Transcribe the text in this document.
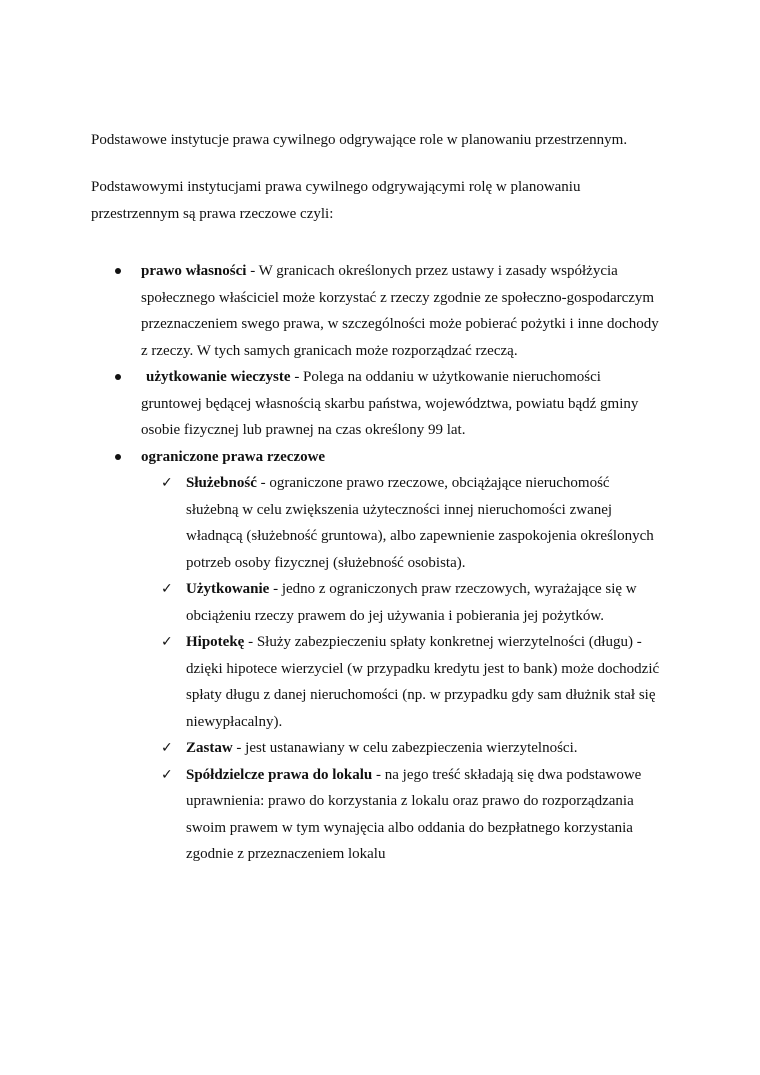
Podstawowe instytucje prawa cywilnego odgrywające role w planowaniu przestrzennym.
Podstawowymi instytucjami prawa cywilnego odgrywającymi rolę w planowaniu
przestrzennym są prawa rzeczowe czyli:
prawo własności - W granicach określonych przez ustawy i zasady współżycia
społecznego właściciel może korzystać z rzeczy zgodnie ze społeczno-gospodarczym
przeznaczeniem swego prawa, w szczególności może pobierać pożytki i inne dochody
z rzeczy. W tych samych granicach może rozporządzać rzeczą.
użytkowanie wieczyste - Polega na oddaniu w użytkowanie nieruchomości
gruntowej będącej własnością skarbu państwa, województwa, powiatu bądź gminy
osobie fizycznej lub prawnej na czas określony 99 lat.
ograniczone prawa rzeczowe
✓ Służebność - ograniczone prawo rzeczowe, obciążające nieruchomość
służebną w celu zwiększenia użyteczności innej nieruchomości zwanej
władnącą (służebność gruntowa), albo zapewnienie zaspokojenia określonych
potrzeb osoby fizycznej (służebność osobista).
✓ Użytkowanie - jedno z ograniczonych praw rzeczowych, wyrażające się w
obciążeniu rzeczy prawem do jej używania i pobierania jej pożytków.
✓ Hipotekę - Służy zabezpieczeniu spłaty konkretnej wierzytelności (długu) -
dzięki hipotece wierzyciel (w przypadku kredytu jest to bank) może dochodzić
spłaty długu z danej nieruchomości (np. w przypadku gdy sam dłużnik stał się
niewypłacalny).
✓ Zastaw - jest ustanawiany w celu zabezpieczenia wierzytelności.
✓ Spółdzielcze prawa do lokalu - na jego treść składają się dwa podstawowe
uprawnienia: prawo do korzystania z lokalu oraz prawo do rozporządzania
swoim prawem w tym wynajęcia albo oddania do bezpłatnego korzystania
zgodnie z przeznaczeniem lokalu
